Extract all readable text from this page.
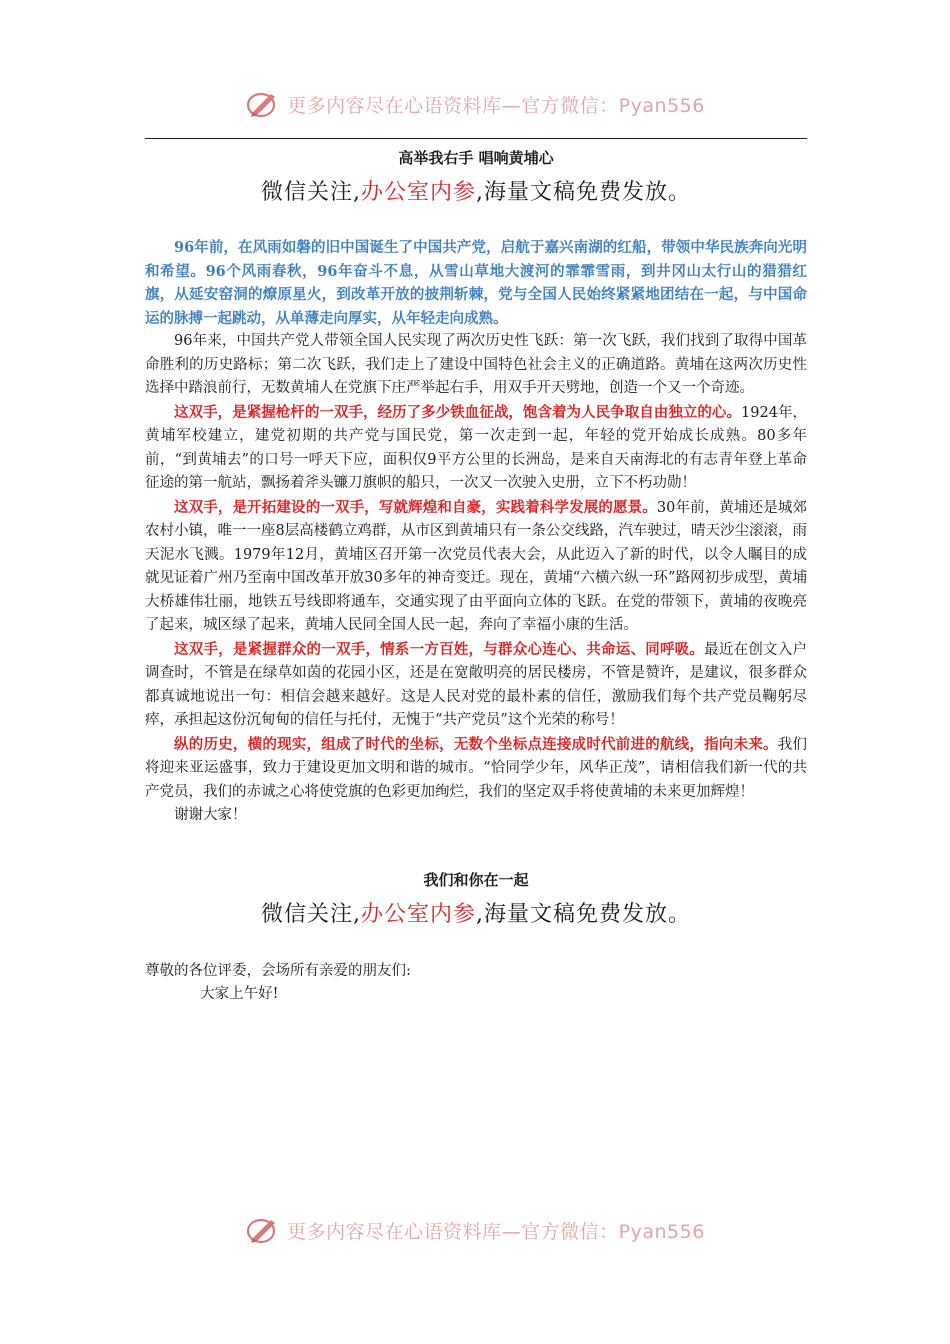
更多内容尽在心语资料库—官方微信：Pyan556
高举我右手 唱响黄埔心
微信关注,办公室内参,海量文稿免费发放。

96年前，在风雨如磐的旧中国诞生了中国共产党，启航于嘉兴南湖的红船，带领中华民族奔向光明和希望。96个风雨春秋，96年奋斗不息，从雪山草地大渡河的霏霏雪雨，到井冈山太行山的猎猎红旗，从延安窑洞的燎原星火，到改革开放的披荆斩棘，党与全国人民始终紧紧地团结在一起，与中国命运的脉搏一起跳动，从单薄走向厚实，从年轻走向成熟。

96年来，中国共产党人带领全国人民实现了两次历史性飞跃：第一次飞跃，我们找到了取得中国革命胜利的历史路标；第二次飞跃，我们走上了建设中国特色社会主义的正确道路。黄埔在这两次历史性选择中踏浪前行，无数黄埔人在党旗下庄严举起右手，用双手开天劈地，创造一个又一个奇迹。

这双手，是紧握枪杆的一双手，经历了多少铁血征战，饱含着为人民争取自由独立的心。1924年，黄埔军校建立，建党初期的共产党与国民党，第一次走到一起，年轻的党开始成长成熟。80多年前，“到黄埔去”的口号一呼天下应，面积仅9平方公里的长洲岛，是来自天南海北的有志青年登上革命征途的第一航站，飘扬着斧头镰刀旗帜的船只，一次又一次驶入史册，立下不朽功勋！

这双手，是开拓建设的一双手，写就辉煌和自豪，实践着科学发展的愿景。30年前，黄埔还是城郊农村小镇，唯一一座8层高楼鹤立鸡群，从市区到黄埔只有一条公交线路，汽车驶过，晴天沙尘滚滚，雨天泥水飞溅。1979年12月，黄埔区召开第一次党员代表大会，从此迈入了新的时代，以令人瞩目的成就见证着广州乃至南中国改革开放30多年的神奇变迁。现在，黄埔“六横六纵一环”路网初步成型，黄埔大桥雄伟壮丽，地铁五号线即将通车，交通实现了由平面向立体的飞跃。在党的带领下，黄埔的夜晚亮了起来，城区绿了起来，黄埔人民同全国人民一起，奔向了幸福小康的生活。

这双手，是紧握群众的一双手，情系一方百姓，与群众心连心、共命运、同呼吸。最近在创文入户调查时，不管是在绿草如茵的花园小区，还是在宽敞明亮的居民楼房，不管是赞许，是建议，很多群众都真诚地说出一句：相信会越来越好。这是人民对党的最朴素的信任，激励我们每个共产党员鞠躬尽瘁，承担起这份沉甸甸的信任与托付，无愧于“共产党员”这个光荣的称号！

纵的历史，横的现实，组成了时代的坐标，无数个坐标点连接成时代前进的航线，指向未来。我们将迎来亚运盛事，致力于建设更加文明和谐的城市。“恰同学少年，风华正茂”，请相信我们新一代的共产党员，我们的赤诚之心将使党旗的色彩更加绚烂，我们的坚定双手将使黄埔的未来更加辉煌！

谢谢大家！

我们和你在一起
微信关注,办公室内参,海量文稿免费发放。

尊敬的各位评委，会场所有亲爱的朋友们:

大家上午好!

更多内容尽在心语资料库—官方微信：Pyan556
